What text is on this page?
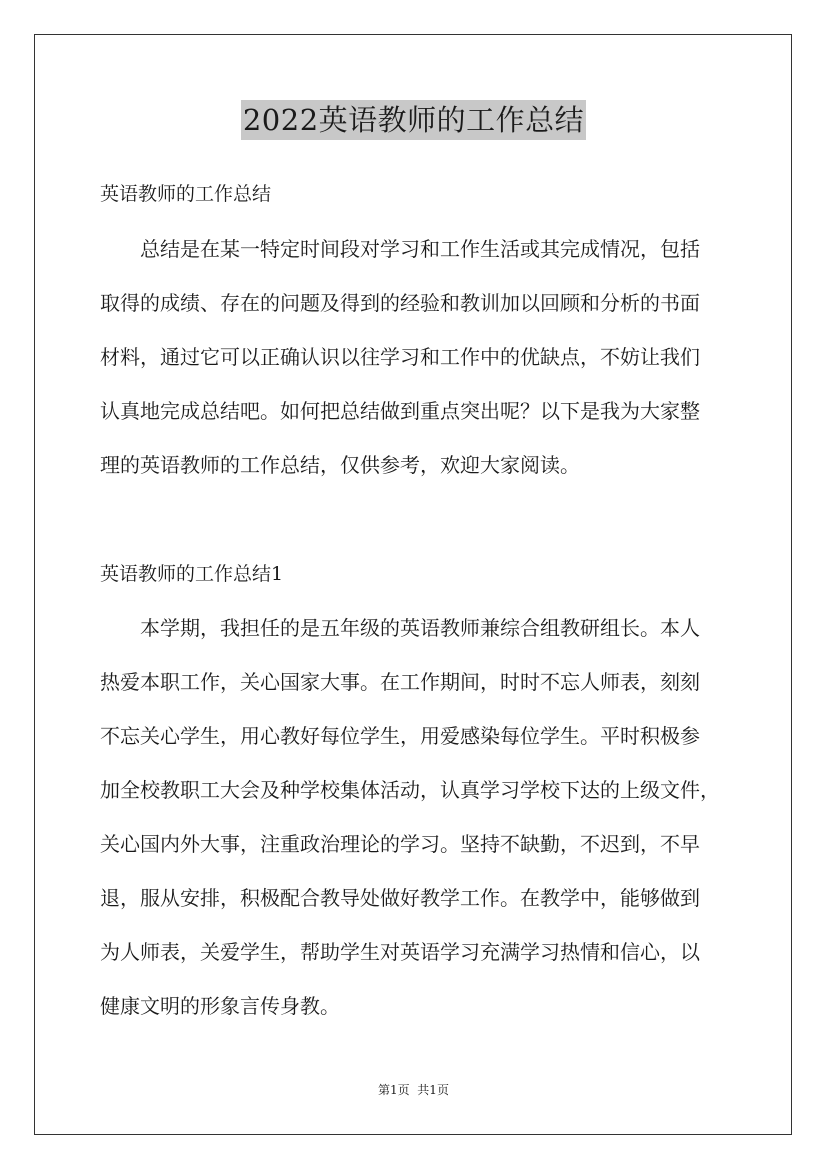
2022英语教师的工作总结
英语教师的工作总结
总结是在某一特定时间段对学习和工作生活或其完成情况，包括
取得的成绩、存在的问题及得到的经验和教训加以回顾和分析的书面
材料，通过它可以正确认识以往学习和工作中的优缺点，不妨让我们
认真地完成总结吧。如何把总结做到重点突出呢？以下是我为大家整
理的英语教师的工作总结，仅供参考，欢迎大家阅读。
英语教师的工作总结1
本学期，我担任的是五年级的英语教师兼综合组教研组长。本人
热爱本职工作，关心国家大事。在工作期间，时时不忘人师表，刻刻
不忘关心学生，用心教好每位学生，用爱感染每位学生。平时积极参
加全校教职工大会及种学校集体活动，认真学习学校下达的上级文件，
关心国内外大事，注重政治理论的学习。坚持不缺勤，不迟到，不早
退，服从安排，积极配合教导处做好教学工作。在教学中，能够做到
为人师表，关爱学生，帮助学生对英语学习充满学习热情和信心，以
健康文明的形象言传身教。
第1页  共1页
